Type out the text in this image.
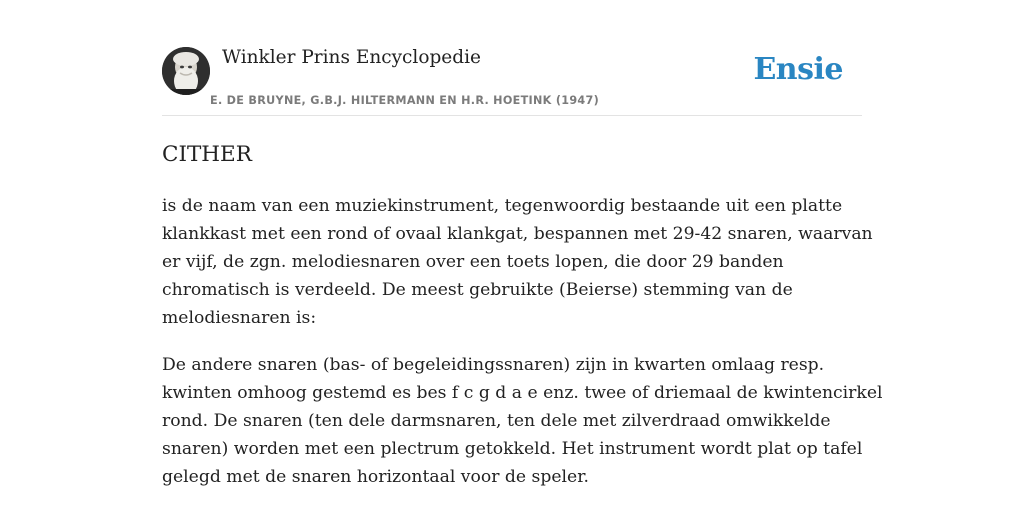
Winkler Prins Encyclopedie
E. DE BRUYNE, G.B.J. HILTERMANN EN H.R. HOETINK (1947)
Ensie
CITHER

is de naam van een muziekinstrument, tegenwoordig bestaande uit een platte
klankkast met een rond of ovaal klankgat, bespannen met 29-42 snaren, waarvan
er vijf, de zgn. melodiesnaren over een toets lopen, die door 29 banden
chromatisch is verdeeld. De meest gebruikte (Beierse) stemming van de
melodiesnaren is:

De andere snaren (bas- of begeleidingssnaren) zijn in kwarten omlaag resp.
kwinten omhoog gestemd es bes f c g d a e enz. twee of driemaal de kwintencirkel
rond. De snaren (ten dele darmsnaren, ten dele met zilverdraad omwikkelde
snaren) worden met een plectrum getokkeld. Het instrument wordt plat op tafel
gelegd met de snaren horizontaal voor de speler.
